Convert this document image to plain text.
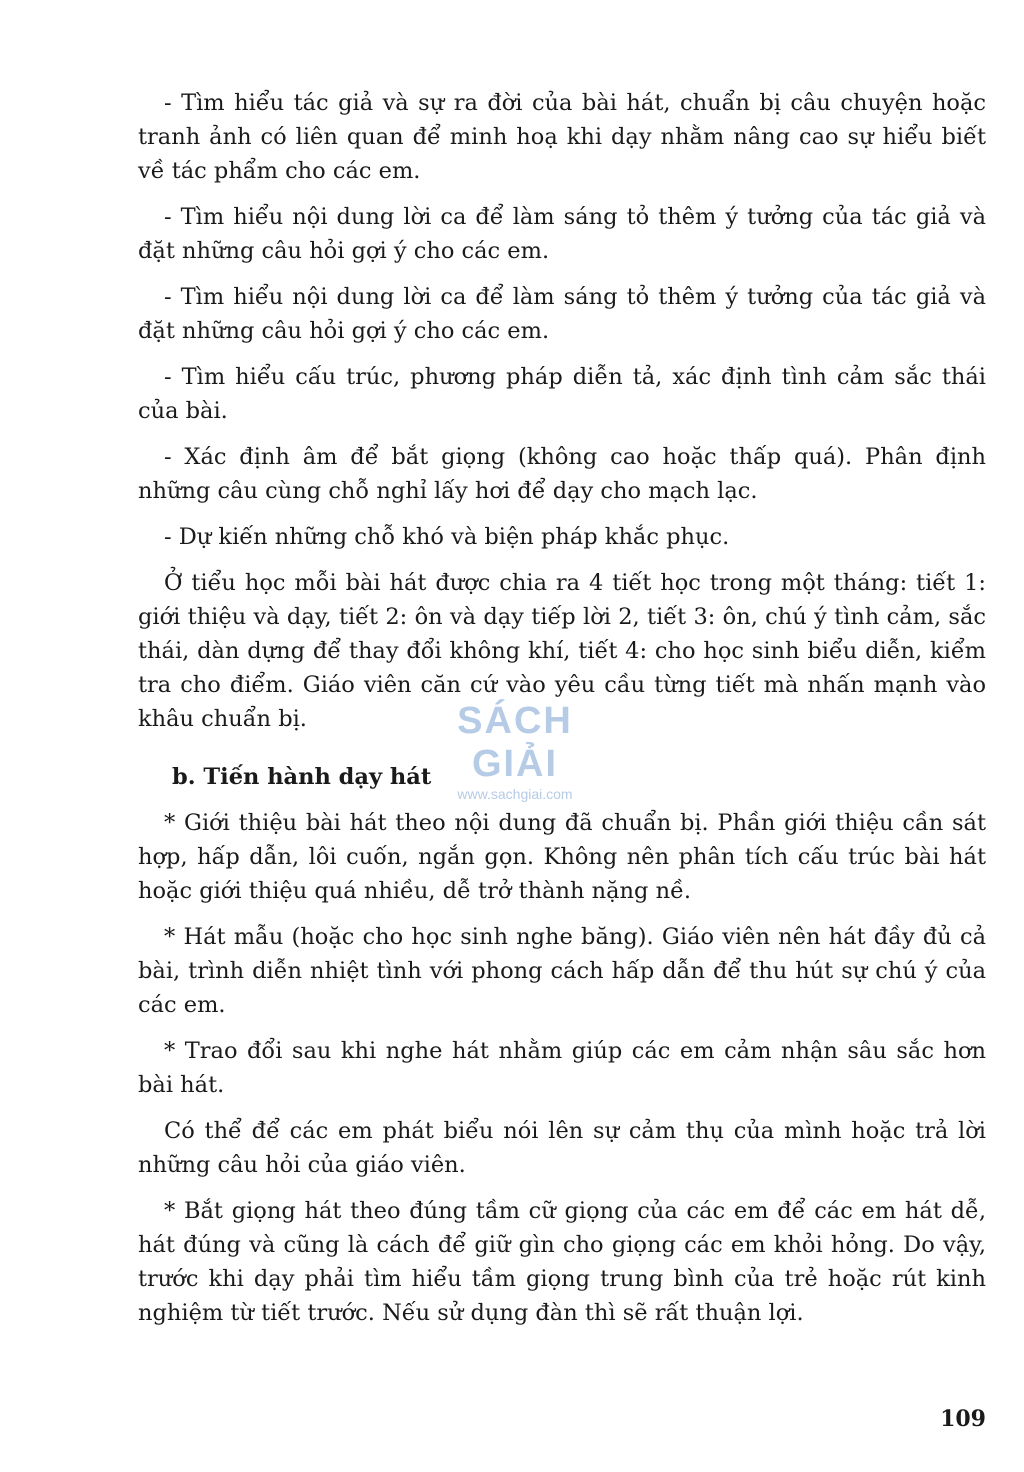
- Tìm hiểu tác giả và sự ra đời của bài hát, chuẩn bị câu chuyện hoặc tranh ảnh có liên quan để minh hoạ khi dạy nhằm nâng cao sự hiểu biết về tác phẩm cho các em.

- Tìm hiểu nội dung lời ca để làm sáng tỏ thêm ý tưởng của tác giả và đặt những câu hỏi gợi ý cho các em.

- Tìm hiểu nội dung lời ca để làm sáng tỏ thêm ý tưởng của tác giả và đặt những câu hỏi gợi ý cho các em.

- Tìm hiểu cấu trúc, phương pháp diễn tả, xác định tình cảm sắc thái của bài.

- Xác định âm để bắt giọng (không cao hoặc thấp quá). Phân định những câu cùng chỗ nghỉ lấy hơi để dạy cho mạch lạc.

- Dự kiến những chỗ khó và biện pháp khắc phục.

Ở tiểu học mỗi bài hát được chia ra 4 tiết học trong một tháng: tiết 1: giới thiệu và dạy, tiết 2: ôn và dạy tiếp lời 2, tiết 3: ôn, chú ý tình cảm, sắc thái, dàn dựng để thay đổi không khí, tiết 4: cho học sinh biểu diễn, kiểm tra cho điểm. Giáo viên căn cứ vào yêu cầu từng tiết mà nhấn mạnh vào khâu chuẩn bị.

b. Tiến hành dạy hát

* Giới thiệu bài hát theo nội dung đã chuẩn bị. Phần giới thiệu cần sát hợp, hấp dẫn, lôi cuốn, ngắn gọn. Không nên phân tích cấu trúc bài hát hoặc giới thiệu quá nhiều, dễ trở thành nặng nề.

* Hát mẫu (hoặc cho học sinh nghe băng). Giáo viên nên hát đầy đủ cả bài, trình diễn nhiệt tình với phong cách hấp dẫn để thu hút sự chú ý của các em.

* Trao đổi sau khi nghe hát nhằm giúp các em cảm nhận sâu sắc hơn bài hát.

Có thể để các em phát biểu nói lên sự cảm thụ của mình hoặc trả lời những câu hỏi của giáo viên.

* Bắt giọng hát theo đúng tầm cữ giọng của các em để các em hát dễ, hát đúng và cũng là cách để giữ gìn cho giọng các em khỏi hỏng. Do vậy, trước khi dạy phải tìm hiểu tầm giọng trung bình của trẻ hoặc rút kinh nghiệm từ tiết trước. Nếu sử dụng đàn thì sẽ rất thuận lợi.

SÁCH GIẢI
www.sachgiai.com
109
